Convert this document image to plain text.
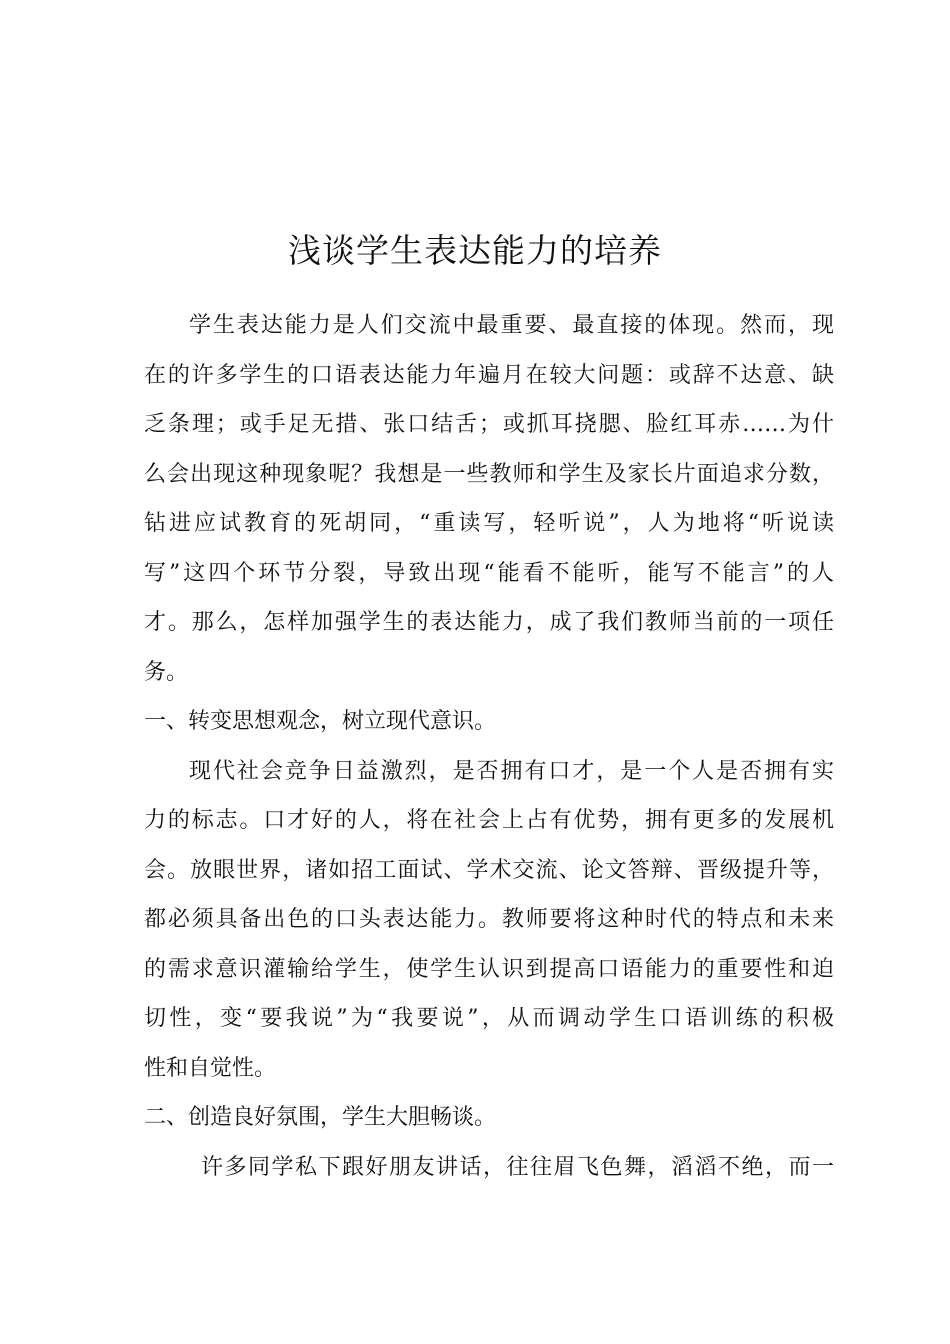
浅谈学生表达能力的培养
学生表达能力是人们交流中最重要、最直接的体现。然而，现
在的许多学生的口语表达能力年遍月在较大问题：或辞不达意、缺
乏条理；或手足无措、张口结舌；或抓耳挠腮、脸红耳赤……为什
么会出现这种现象呢？我想是一些教师和学生及家长片面追求分数，
钻进应试教育的死胡同，“重读写，轻听说”，人为地将“听说读
写”这四个环节分裂，导致出现“能看不能听，能写不能言”的人
才。那么，怎样加强学生的表达能力，成了我们教师当前的一项任
务。
一、转变思想观念，树立现代意识。
现代社会竞争日益激烈，是否拥有口才，是一个人是否拥有实
力的标志。口才好的人，将在社会上占有优势，拥有更多的发展机
会。放眼世界，诸如招工面试、学术交流、论文答辩、晋级提升等，
都必须具备出色的口头表达能力。教师要将这种时代的特点和未来
的需求意识灌输给学生，使学生认识到提高口语能力的重要性和迫
切性，变“要我说”为“我要说”，从而调动学生口语训练的积极
性和自觉性。
二、创造良好氛围，学生大胆畅谈。
许多同学私下跟好朋友讲话，往往眉飞色舞，滔滔不绝，而一
